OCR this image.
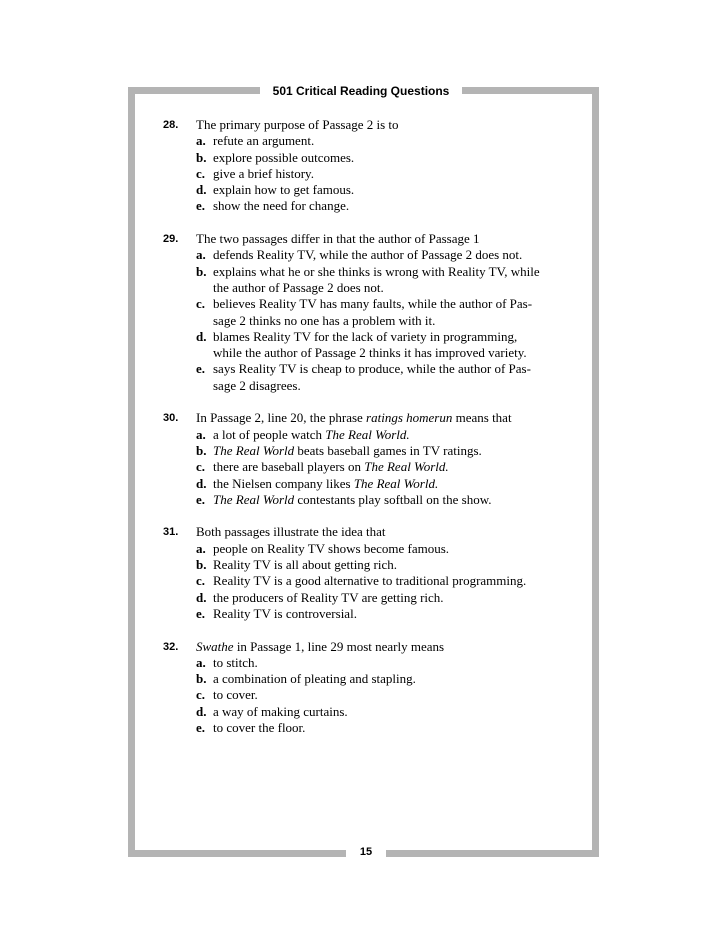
501 Critical Reading Questions
28. The primary purpose of Passage 2 is to
a. refute an argument.
b. explore possible outcomes.
c. give a brief history.
d. explain how to get famous.
e. show the need for change.
29. The two passages differ in that the author of Passage 1
a. defends Reality TV, while the author of Passage 2 does not.
b. explains what he or she thinks is wrong with Reality TV, while
the author of Passage 2 does not.
c. believes Reality TV has many faults, while the author of Pas-
sage 2 thinks no one has a problem with it.
d. blames Reality TV for the lack of variety in programming,
while the author of Passage 2 thinks it has improved variety.
e. says Reality TV is cheap to produce, while the author of Pas-
sage 2 disagrees.
30. In Passage 2, line 20, the phrase ratings homerun means that
a. a lot of people watch The Real World.
b. The Real World beats baseball games in TV ratings.
c. there are baseball players on The Real World.
d. the Nielsen company likes The Real World.
e. The Real World contestants play softball on the show.
31. Both passages illustrate the idea that
a. people on Reality TV shows become famous.
b. Reality TV is all about getting rich.
c. Reality TV is a good alternative to traditional programming.
d. the producers of Reality TV are getting rich.
e. Reality TV is controversial.
32. Swathe in Passage 1, line 29 most nearly means
a. to stitch.
b. a combination of pleating and stapling.
c. to cover.
d. a way of making curtains.
e. to cover the floor.
15
